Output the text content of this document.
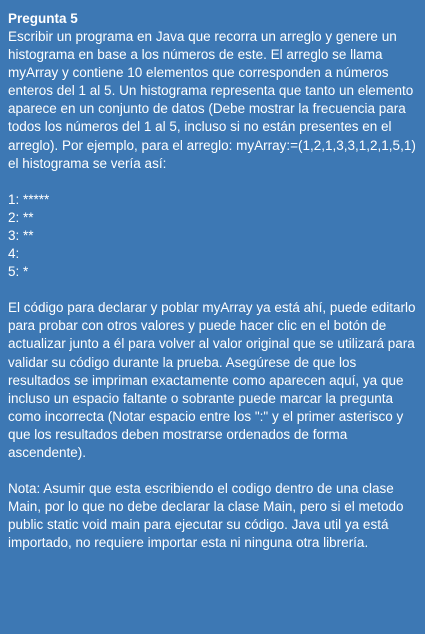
Pregunta 5

Escribir un programa en Java que recorra un arreglo y genere un histograma en base a los números de este. El arreglo se llama myArray y contiene 10 elementos que corresponden a números enteros del 1 al 5. Un histograma representa que tanto un elemento aparece en un conjunto de datos (Debe mostrar la frecuencia para todos los números del 1 al 5, incluso si no están presentes en el arreglo). Por ejemplo, para el arreglo: myArray:=(1,2,1,3,3,1,2,1,5,1) el histograma se vería así:

1: *****
2: **
3: **
4:
5: *

El código para declarar y poblar myArray ya está ahí, puede editarlo para probar con otros valores y puede hacer clic en el botón de actualizar junto a él para volver al valor original que se utilizará para validar su código durante la prueba. Asegúrese de que los resultados se impriman exactamente como aparecen aquí, ya que incluso un espacio faltante o sobrante puede marcar la pregunta como incorrecta (Notar espacio entre los ":" y el primer asterisco y que los resultados deben mostrarse ordenados de forma ascendente).

Nota: Asumir que esta escribiendo el codigo dentro de una clase Main, por lo que no debe declarar la clase Main, pero si el metodo public static void main para ejecutar su código. Java util ya está importado, no requiere importar esta ni ninguna otra librería.
